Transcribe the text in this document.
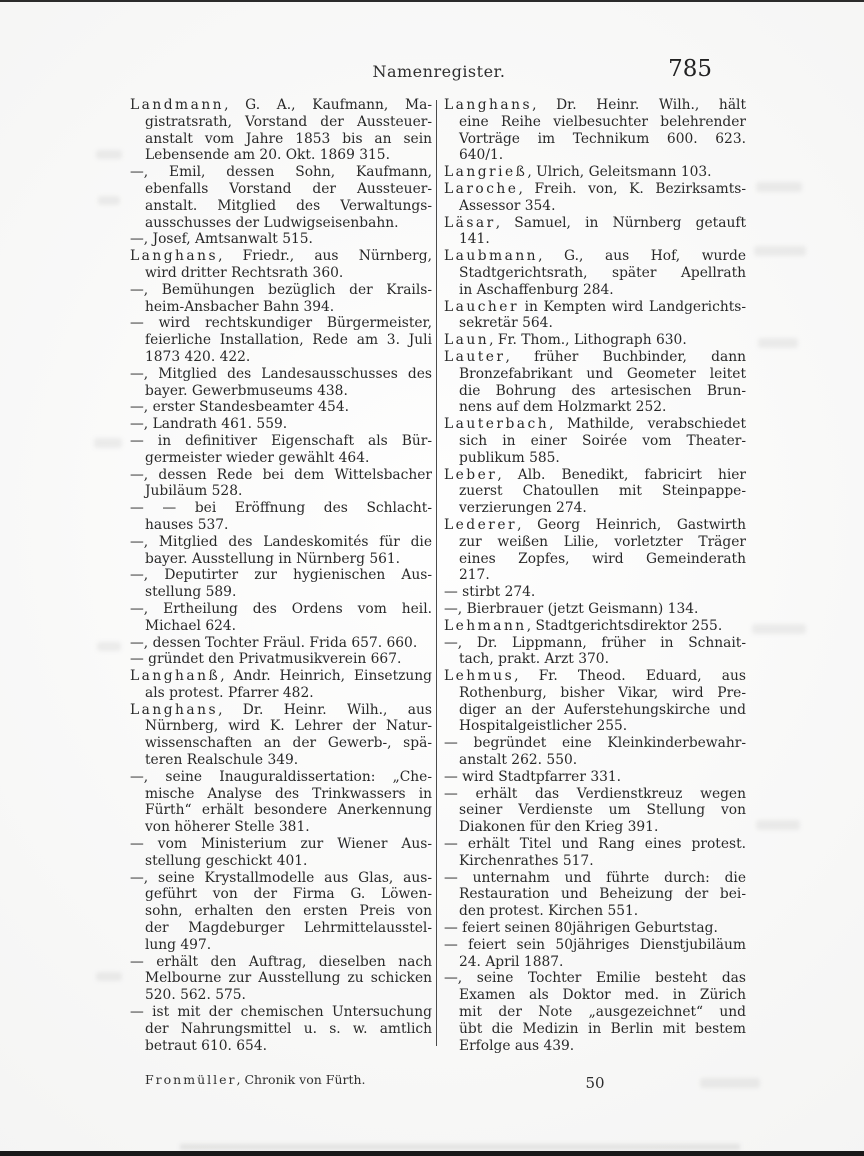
Namenregister.	785
Landmann, G. A., Kaufmann, Ma-
gistratsrath, Vorstand der Aussteuer-
anstalt vom Jahre 1853 bis an sein
Lebensende am 20. Okt. 1869 315.
—, Emil, dessen Sohn, Kaufmann,
ebenfalls Vorstand der Aussteuer-
anstalt. Mitglied des Verwaltungs-
ausschusses der Ludwigseisenbahn.
—, Josef, Amtsanwalt 515.
Langhans, Friedr., aus Nürnberg,
wird dritter Rechtsrath 360.
—, Bemühungen bezüglich der Krails-
heim-Ansbacher Bahn 394.
— wird rechtskundiger Bürgermeister,
feierliche Installation, Rede am 3. Juli
1873 420. 422.
—, Mitglied des Landesausschusses des
bayer. Gewerbmuseums 438.
—, erster Standesbeamter 454.
—, Landrath 461. 559.
— in definitiver Eigenschaft als Bür-
germeister wieder gewählt 464.
—, dessen Rede bei dem Wittelsbacher
Jubiläum 528.
— — bei Eröffnung des Schlacht-
hauses 537.
—, Mitglied des Landeskomités für die
bayer. Ausstellung in Nürnberg 561.
—, Deputirter zur hygienischen Aus-
stellung 589.
—, Ertheilung des Ordens vom heil.
Michael 624.
—, dessen Tochter Fräul. Frida 657. 660.
— gründet den Privatmusikverein 667.
Langhanß, Andr. Heinrich, Einsetzung
als protest. Pfarrer 482.
Langhans, Dr. Heinr. Wilh., aus
Nürnberg, wird K. Lehrer der Natur-
wissenschaften an der Gewerb-, spä-
teren Realschule 349.
—, seine Inauguraldissertation: „Che-
mische Analyse des Trinkwassers in
Fürth“ erhält besondere Anerkennung
von höherer Stelle 381.
— vom Ministerium zur Wiener Aus-
stellung geschickt 401.
—, seine Krystallmodelle aus Glas, aus-
geführt von der Firma G. Löwen-
sohn, erhalten den ersten Preis von
der Magdeburger Lehrmittelausstel-
lung 497.
— erhält den Auftrag, dieselben nach
Melbourne zur Ausstellung zu schicken
520. 562. 575.
— ist mit der chemischen Untersuchung
der Nahrungsmittel u. s. w. amtlich
betraut 610. 654.
Langhans, Dr. Heinr. Wilh., hält
eine Reihe vielbesuchter belehrender
Vorträge im Technikum 600. 623.
640/1.
Langrieß, Ulrich, Geleitsmann 103.
Laroche, Freih. von, K. Bezirksamts-
Assessor 354.
Läsar, Samuel, in Nürnberg getauft
141.
Laubmann, G., aus Hof, wurde
Stadtgerichtsrath, später Apellrath
in Aschaffenburg 284.
Laucher in Kempten wird Landgerichts-
sekretär 564.
Laun, Fr. Thom., Lithograph 630.
Lauter, früher Buchbinder, dann
Bronzefabrikant und Geometer leitet
die Bohrung des artesischen Brun-
nens auf dem Holzmarkt 252.
Lauterbach, Mathilde, verabschiedet
sich in einer Soirée vom Theater-
publikum 585.
Leber, Alb. Benedikt, fabricirt hier
zuerst Chatoullen mit Steinpappe-
verzierungen 274.
Lederer, Georg Heinrich, Gastwirth
zur weißen Lilie, vorletzter Träger
eines Zopfes, wird Gemeinderath
217.
— stirbt 274.
—, Bierbrauer (jetzt Geismann) 134.
Lehmann, Stadtgerichtsdirektor 255.
—, Dr. Lippmann, früher in Schnait-
tach, prakt. Arzt 370.
Lehmus, Fr. Theod. Eduard, aus
Rothenburg, bisher Vikar, wird Pre-
diger an der Auferstehungskirche und
Hospitalgeistlicher 255.
— begründet eine Kleinkinderbewahr-
anstalt 262. 550.
— wird Stadtpfarrer 331.
— erhält das Verdienstkreuz wegen
seiner Verdienste um Stellung von
Diakonen für den Krieg 391.
— erhält Titel und Rang eines protest.
Kirchenrathes 517.
— unternahm und führte durch: die
Restauration und Beheizung der bei-
den protest. Kirchen 551.
— feiert seinen 80jährigen Geburtstag.
— feiert sein 50jähriges Dienstjubiläum
24. April 1887.
—, seine Tochter Emilie besteht das
Examen als Doktor med. in Zürich
mit der Note „ausgezeichnet“ und
übt die Medizin in Berlin mit bestem
Erfolge aus 439.
Fronmüller, Chronik von Fürth.	50
